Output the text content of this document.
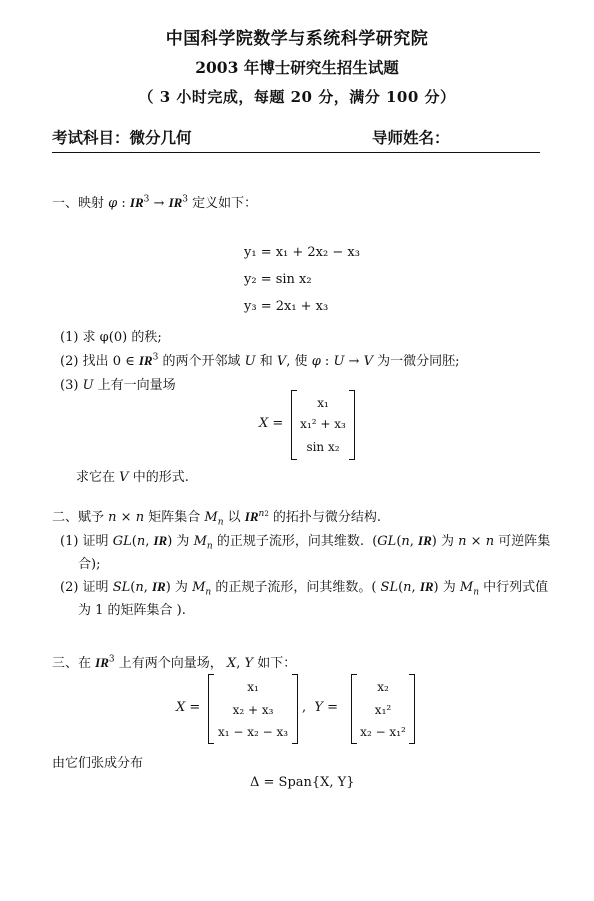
中国科学院数学与系统科学研究院
2003 年博士研究生招生试题
（ 3 小时完成，每题 20 分，满分 100 分）
考试科目：微分几何	导师姓名：
一、映射 φ : $IR^3 \to IR^3$ 定义如下：
y₁ = x₁ + 2x₂ − x₃
y₂ = sin x₂
y₃ = 2x₁ + x₃
(1) 求 φ(0) 的秩;
(2) 找出 0 ∈ $IR^3$ 的两个开邻域 U 和 V, 使 φ : U → V 为一微分同胚;
(3) U 上有一向量场
X =
x₁
x₁² + x₃
sin x₂
求它在 V 中的形式.
二、赋予 n × n 矩阵集合 $M_n$ 以 $IR^{n2}$ 的拓扑与微分结构.
(1) 证明 GL(n, IR) 为 $M_n$ 的正规子流形，问其维数.  (GL(n, IR) 为 n × n 可逆阵集
合);
(2) 证明 SL(n, IR) 为 $M_n$ 的正规子流形，问其维数。( SL(n, IR) 为 $M_n$ 中行列式值
为 1 的矩阵集合 ).
三、在 $IR^3$ 上有两个向量场， X, Y 如下：
X =
x₁
x₂ + x₃
x₁ − x₂ − x₃
,  Y =
x₂
x₁²
x₂ − x₁²
由它们张成分布
Δ = Span{X, Y}
